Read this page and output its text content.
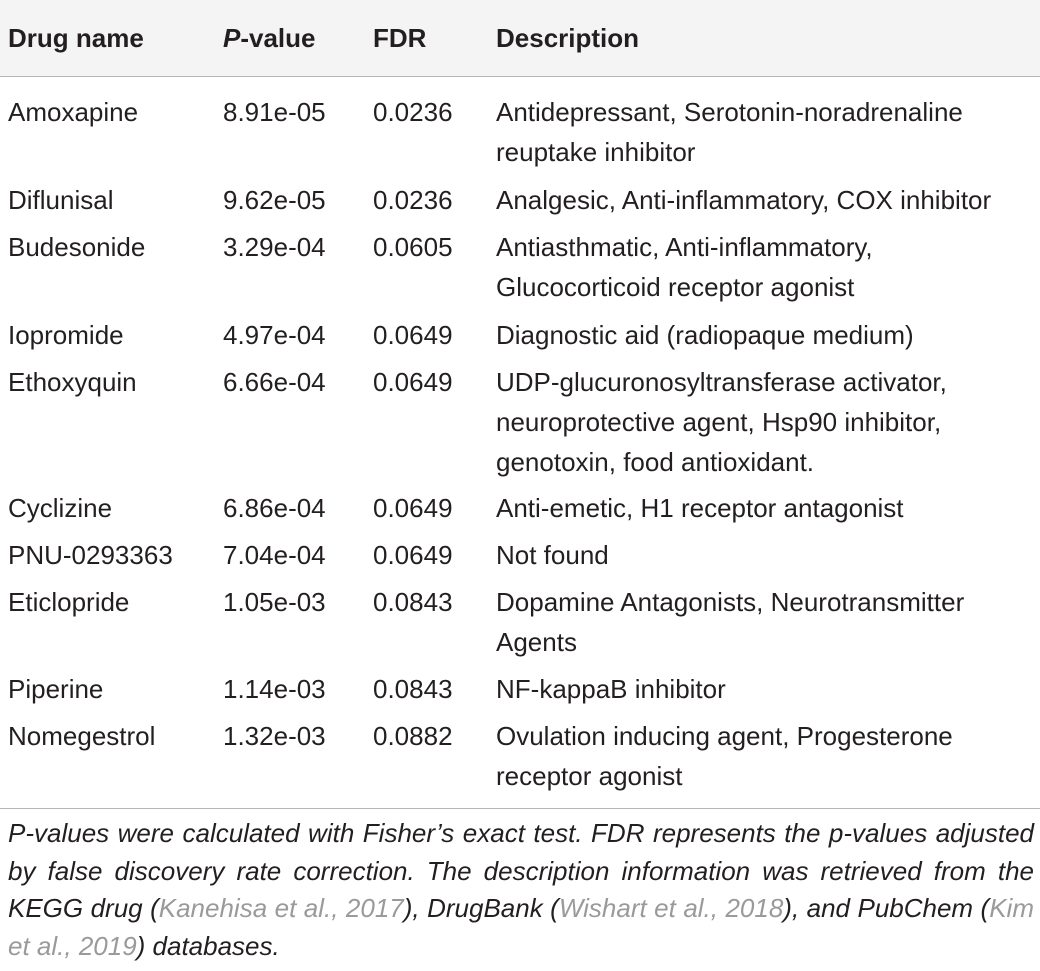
Drug name	P-value FDR	Description
Amoxapine	8.91e-05 0.0236 Antidepressant, Serotonin-noradrenaline
reuptake inhibitor
Diflunisal	9.62e-05 0.0236 Analgesic, Anti-inflammatory, COX inhibitor
Budesonide	3.29e-04 0.0605 Antiasthmatic, Anti-inflammatory,
Glucocorticoid receptor agonist
Iopromide	4.97e-04 0.0649 Diagnostic aid (radiopaque medium)
Ethoxyquin	6.66e-04 0.0649 UDP-glucuronosyltransferase activator,
neuroprotective agent, Hsp90 inhibitor,
genotoxin, food antioxidant.
Cyclizine	6.86e-04 0.0649 Anti-emetic, H1 receptor antagonist
PNU-0293363 7.04e-04 0.0649 Not found
Eticlopride	1.05e-03 0.0843 Dopamine Antagonists, Neurotransmitter
Agents
Piperine	1.14e-03 0.0843 NF-kappaB inhibitor
Nomegestrol	1.32e-03 0.0882 Ovulation inducing agent, Progesterone
receptor agonist
P-values were calculated with Fisher’s exact test. FDR represents the p-values adjusted by false discovery rate correction. The description information was retrieved from the KEGG drug (Kanehisa et al., 2017), DrugBank (Wishart et al., 2018), and PubChem (Kim et al., 2019) databases.
